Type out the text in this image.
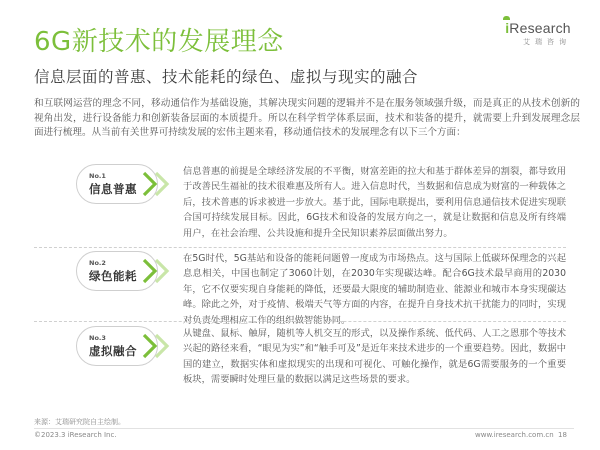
6G新技术的发展理念
信息层面的普惠、技术能耗的绿色、虚拟与现实的融合
i Research
艾瑞咨询
和互联网运营的理念不同，移动通信作为基础设施，其解决现实问题的逻辑并不是在服务领域强升级，而是真正的从技术创新的视角出发，进行设备能力和创新装备层面的本质提升。所以在科学哲学体系层面，技术和装备的提升，就需要上升到发展理念层面进行梳理。从当前有关世界可持续发展的宏伟主题来看，移动通信技术的发展理念有以下三个方面：
No.1
信息普惠
信息普惠的前提是全球经济发展的不平衡，财富差距的拉大和基于群体差异的割裂，都导致用于改善民生福祉的技术很难惠及所有人。进入信息时代，当数据和信息成为财富的一种载体之后，技术普惠的诉求被进一步放大。基于此，国际电联提出，要利用信息通信技术促进实现联合国可持续发展目标。因此，6G技术和设备的发展方向之一，就是让数据和信息及所有终端用户，在社会治理、公共设施和提升全民知识素养层面做出努力。
No.2
绿色能耗
在5G时代，5G基站和设备的能耗问题曾一度成为市场热点。这与国际上低碳环保理念的兴起息息相关，中国也制定了3060计划，在2030年实现碳达峰。配合6G技术最早商用的2030年，它不仅要实现自身能耗的降低，还要最大限度的辅助制造业、能源业和城市本身实现碳达峰。除此之外，对于疫情、极端天气等方面的内容，在提升自身技术抗干扰能力的同时，实现对负责处理相应工作的组织做智能协同。
No.3
虚拟融合
从键盘、鼠标、触屏，随机等人机交互的形式，以及操作系统、低代码、人工之恩那个等技术兴起的路径来看，“眼见为实”和“触手可及”是近年来技术进步的一个重要趋势。因此，数据中国的建立，数据实体和虚拟现实的出现和可视化、可触化操作，就是6G需要服务的一个重要板块，需要瞬时处理巨量的数据以满足这些场景的要求。
来源：艾瑞研究院自主绘制。
©2023.3 iResearch Inc.	www.iresearch.com.cn 18
